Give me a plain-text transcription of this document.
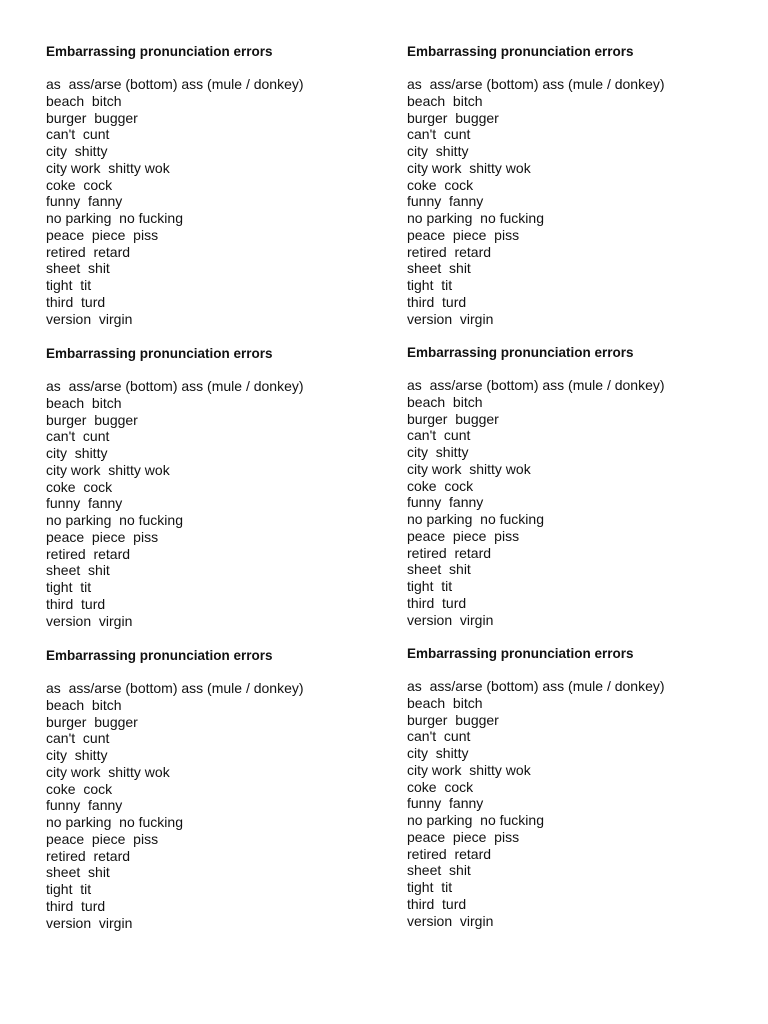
Embarrassing pronunciation errors
as  ass/arse (bottom) ass (mule / donkey)
beach  bitch
burger  bugger
can't  cunt
city  shitty
city work  shitty wok
coke  cock
funny  fanny
no parking  no fucking
peace  piece  piss
retired  retard
sheet  shit
tight  tit
third  turd
version  virgin
Embarrassing pronunciation errors
as  ass/arse (bottom) ass (mule / donkey)
beach  bitch
burger  bugger
can't  cunt
city  shitty
city work  shitty wok
coke  cock
funny  fanny
no parking  no fucking
peace  piece  piss
retired  retard
sheet  shit
tight  tit
third  turd
version  virgin
Embarrassing pronunciation errors
as  ass/arse (bottom) ass (mule / donkey)
beach  bitch
burger  bugger
can't  cunt
city  shitty
city work  shitty wok
coke  cock
funny  fanny
no parking  no fucking
peace  piece  piss
retired  retard
sheet  shit
tight  tit
third  turd
version  virgin
Embarrassing pronunciation errors
as  ass/arse (bottom) ass (mule / donkey)
beach  bitch
burger  bugger
can't  cunt
city  shitty
city work  shitty wok
coke  cock
funny  fanny
no parking  no fucking
peace  piece  piss
retired  retard
sheet  shit
tight  tit
third  turd
version  virgin
Embarrassing pronunciation errors
as  ass/arse (bottom) ass (mule / donkey)
beach  bitch
burger  bugger
can't  cunt
city  shitty
city work  shitty wok
coke  cock
funny  fanny
no parking  no fucking
peace  piece  piss
retired  retard
sheet  shit
tight  tit
third  turd
version  virgin
Embarrassing pronunciation errors
as  ass/arse (bottom) ass (mule / donkey)
beach  bitch
burger  bugger
can't  cunt
city  shitty
city work  shitty wok
coke  cock
funny  fanny
no parking  no fucking
peace  piece  piss
retired  retard
sheet  shit
tight  tit
third  turd
version  virgin
